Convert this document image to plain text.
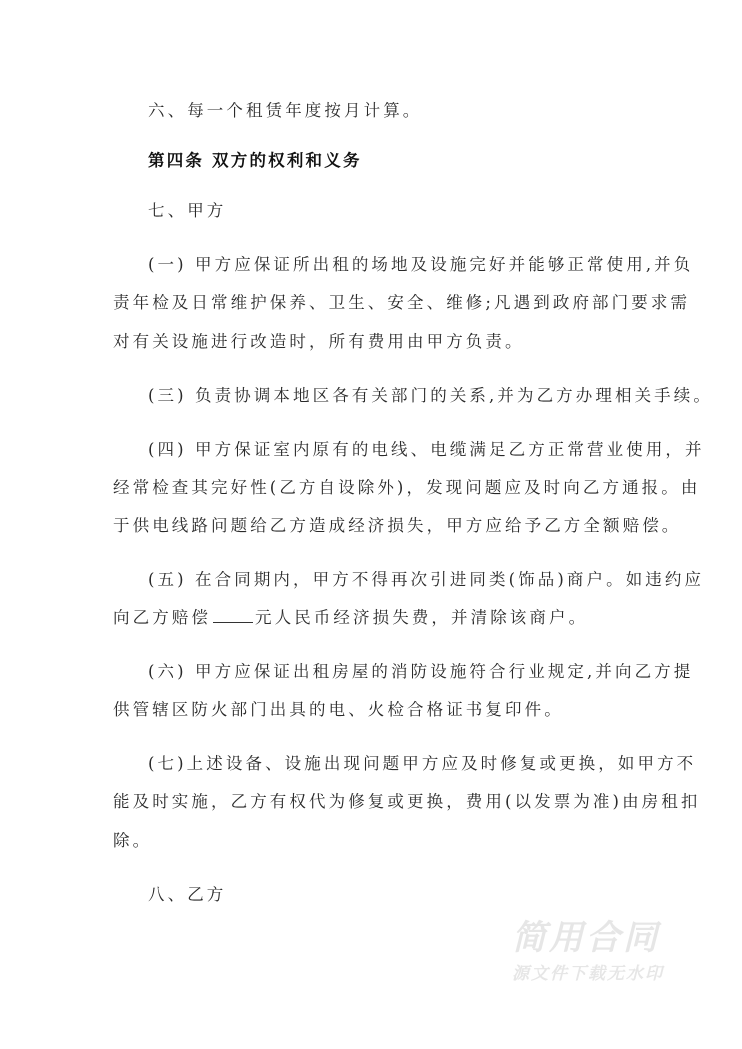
六、每一个租赁年度按月计算。
第四条 双方的权利和义务
七、甲方
(一) 甲方应保证所出租的场地及设施完好并能够正常使用,并负
责年检及日常维护保养、卫生、安全、维修;凡遇到政府部门要求需
对有关设施进行改造时，所有费用由甲方负责。
(三) 负责协调本地区各有关部门的关系,并为乙方办理相关手续。
(四) 甲方保证室内原有的电线、电缆满足乙方正常营业使用，并
经常检查其完好性(乙方自设除外)，发现问题应及时向乙方通报。由
于供电线路问题给乙方造成经济损失，甲方应给予乙方全额赔偿。
(五) 在合同期内，甲方不得再次引进同类(饰品)商户。如违约应
向乙方赔偿	元人民币经济损失费，并清除该商户。
(六) 甲方应保证出租房屋的消防设施符合行业规定,并向乙方提
供管辖区防火部门出具的电、火检合格证书复印件。
(七)上述设备、设施出现问题甲方应及时修复或更换，如甲方不
能及时实施，乙方有权代为修复或更换，费用(以发票为准)由房租扣
除。
八、乙方
简用合同
源文件下载无水印
